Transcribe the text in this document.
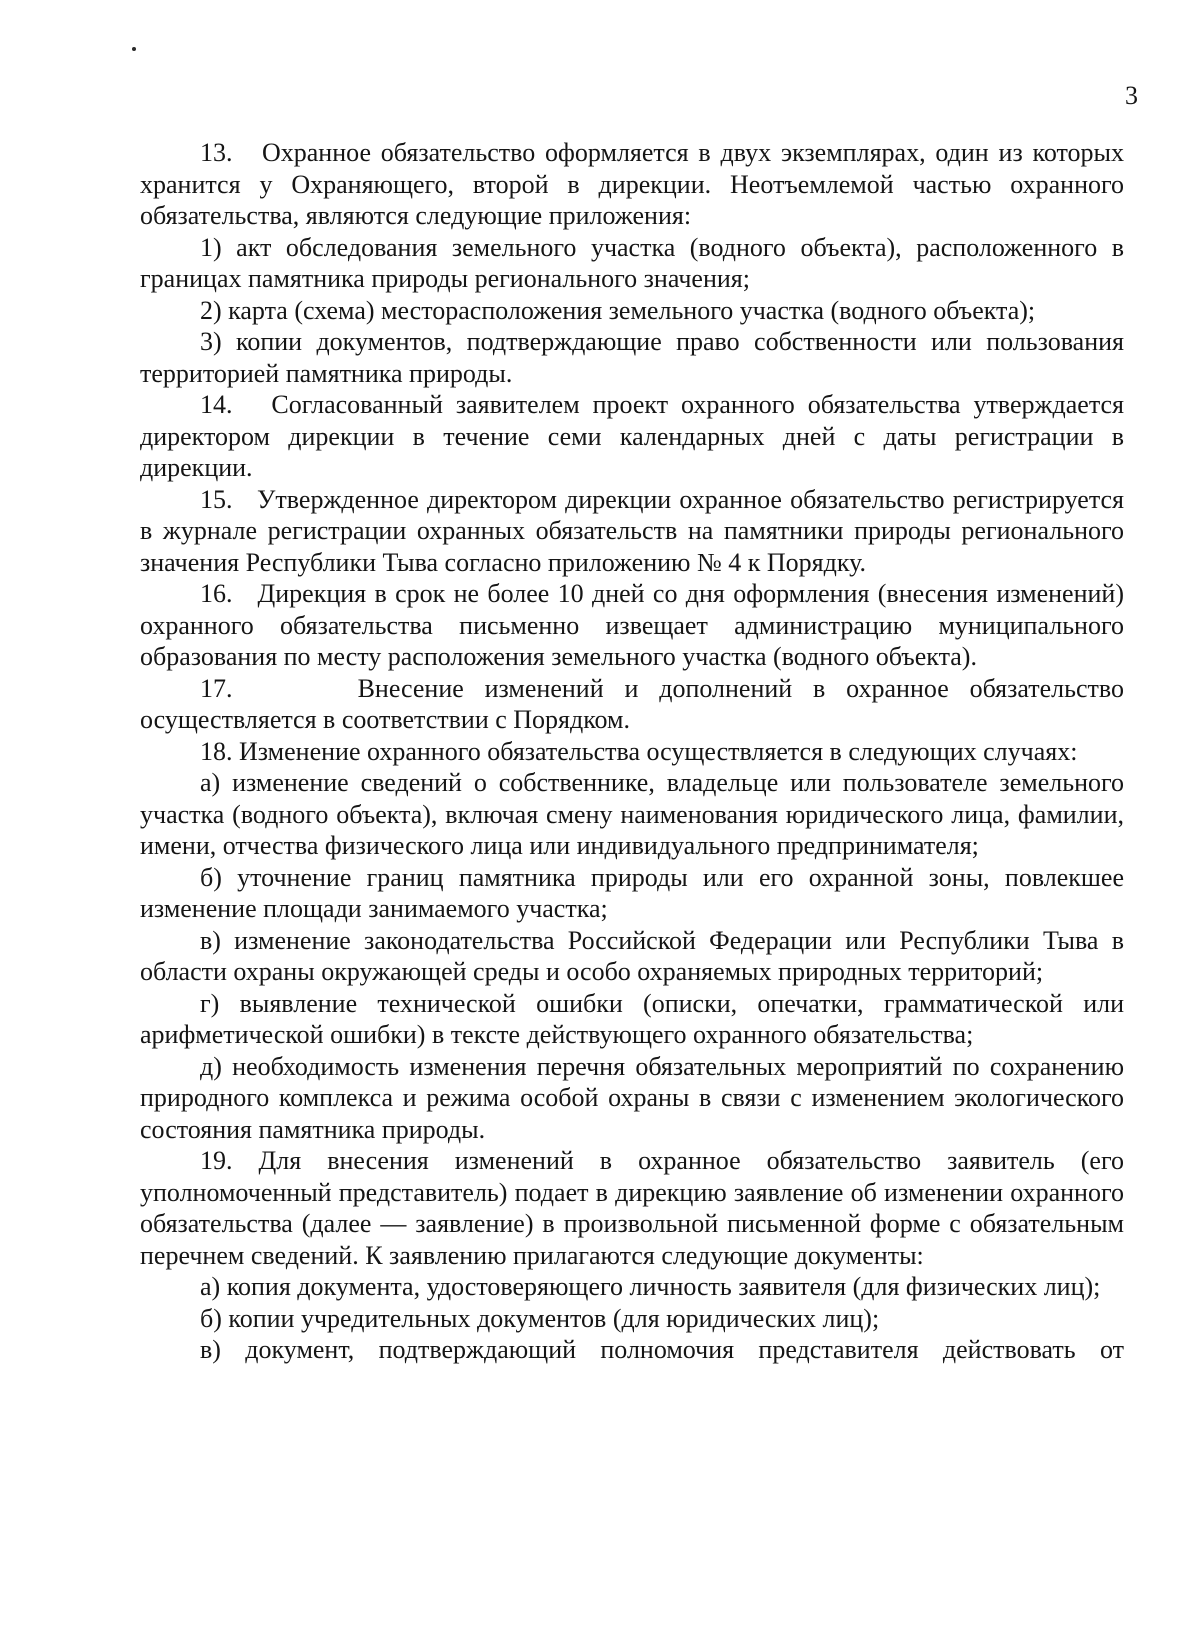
3

13.   Охранное обязательство оформляется в двух экземплярах, один из которых хранится у Охраняющего, второй в дирекции. Неотъемлемой частью охранного обязательства, являются следующие приложения:

1) акт обследования земельного участка (водного объекта), расположенного в границах памятника природы регионального значения;

2) карта (схема) месторасположения земельного участка (водного объекта);

3) копии документов, подтверждающие право собственности или пользования территорией памятника природы.

14.   Согласованный заявителем проект охранного обязательства утверждается директором дирекции в течение семи календарных дней с даты регистрации в дирекции.

15.   Утвержденное директором дирекции охранное обязательство регистрируется в журнале регистрации охранных обязательств на памятники природы регионального значения Республики Тыва согласно приложению № 4 к Порядку.

16.   Дирекция в срок не более 10 дней со дня оформления (внесения изменений) охранного обязательства письменно извещает администрацию муниципального образования по месту расположения земельного участка (водного объекта).

17.      Внесение изменений и дополнений в охранное обязательство осуществляется в соответствии с Порядком.

18. Изменение охранного обязательства осуществляется в следующих случаях:

а) изменение сведений о собственнике, владельце или пользователе земельного участка (водного объекта), включая смену наименования юридического лица, фамилии, имени, отчества физического лица или индивидуального предпринимателя;

б) уточнение границ памятника природы или его охранной зоны, повлекшее изменение площади занимаемого участка;

в) изменение законодательства Российской Федерации или Республики Тыва в области охраны окружающей среды и особо охраняемых природных территорий;

г) выявление технической ошибки (описки, опечатки, грамматической или арифметической ошибки) в тексте действующего охранного обязательства;

д) необходимость изменения перечня обязательных мероприятий по сохранению природного комплекса и режима особой охраны в связи с изменением экологического состояния памятника природы.

19. Для внесения изменений в охранное обязательство заявитель (его уполномоченный представитель) подает в дирекцию заявление об изменении охранного обязательства (далее — заявление) в произвольной письменной форме с обязательным перечнем сведений. К заявлению прилагаются следующие документы:

а) копия документа, удостоверяющего личность заявителя (для физических лиц);

б) копии учредительных документов (для юридических лиц);

в) документ, подтверждающий полномочия представителя действовать от
